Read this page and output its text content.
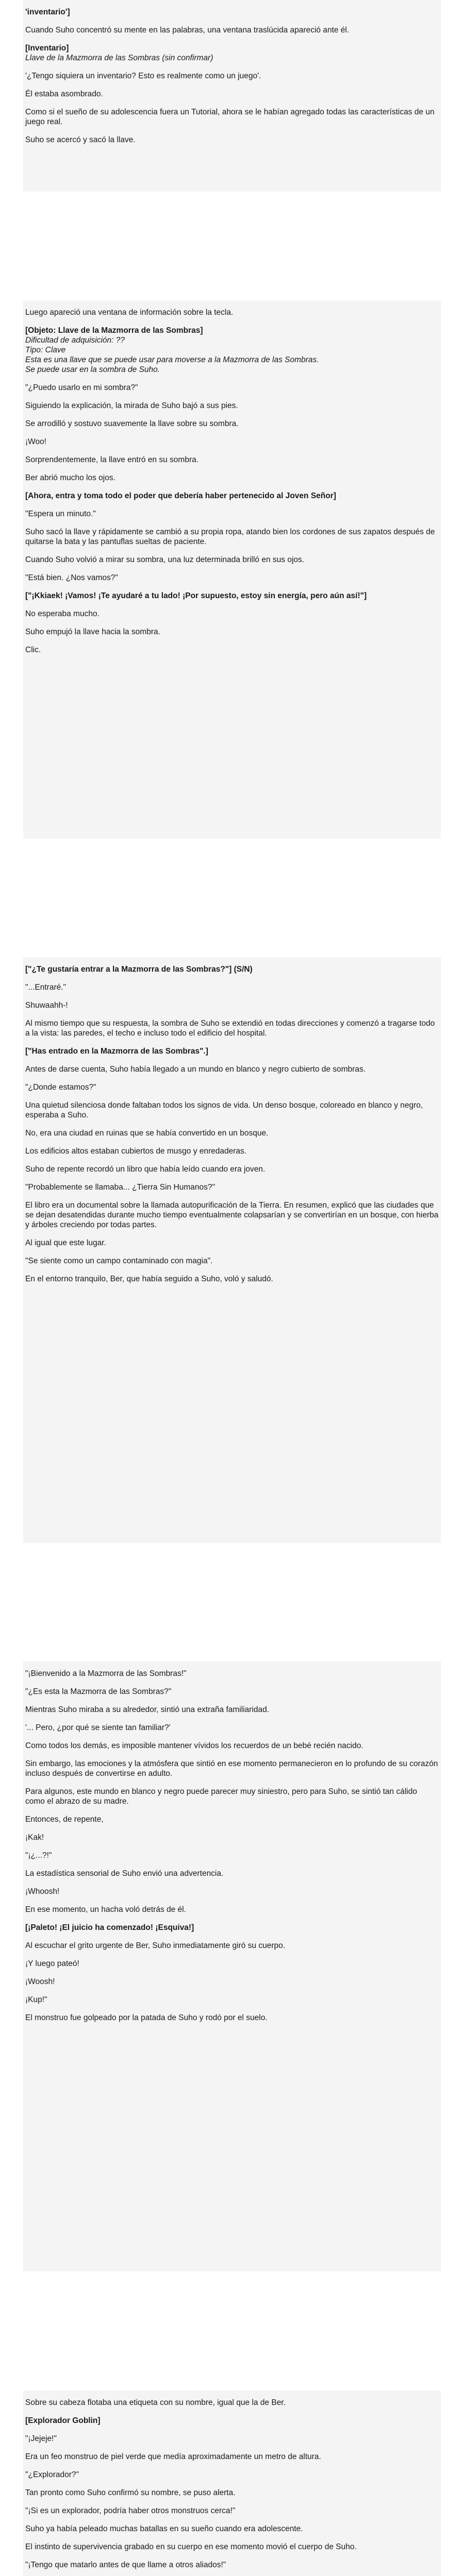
'inventario']

Cuando Suho concentró su mente en las palabras, una ventana traslúcida apareció ante él.

[Inventario]

Llave de la Mazmorra de las Sombras (sin confirmar)

'¿Tengo siquiera un inventario? Esto es realmente como un juego'.

Él estaba asombrado.

Como si el sueño de su adolescencia fuera un Tutorial, ahora se le habían agregado todas las características de un juego real.

Suho se acercó y sacó la llave.

Luego apareció una ventana de información sobre la tecla.

[Objeto: Llave de la Mazmorra de las Sombras]

Dificultad de adquisición: ??

Tipo: Clave

Esta es una llave que se puede usar para moverse a la Mazmorra de las Sombras.

Se puede usar en la sombra de Suho.

"¿Puedo usarlo en mi sombra?"

Siguiendo la explicación, la mirada de Suho bajó a sus pies.

Se arrodilló y sostuvo suavemente la llave sobre su sombra.

¡Woo!

Sorprendentemente, la llave entró en su sombra.

Ber abrió mucho los ojos.

[Ahora, entra y toma todo el poder que debería haber pertenecido al Joven Señor]

"Espera un minuto."

Suho sacó la llave y rápidamente se cambió a su propia ropa, atando bien los cordones de sus zapatos después de quitarse la bata y las pantuflas sueltas de paciente.

Cuando Suho volvió a mirar su sombra, una luz determinada brilló en sus ojos.

"Está bien. ¿Nos vamos?"

["¡Kkiaek! ¡Vamos! ¡Te ayudaré a tu lado! ¡Por supuesto, estoy sin energía, pero aún así!"]

No esperaba mucho.

Suho empujó la llave hacia la sombra.

Clic.

["¿Te gustaría entrar a la Mazmorra de las Sombras?"] (S/N)

"...Entraré."

Shuwaahh-!

Al mismo tiempo que su respuesta, la sombra de Suho se extendió en todas direcciones y comenzó a tragarse todo a la vista: las paredes, el techo e incluso todo el edificio del hospital.

["Has entrado en la Mazmorra de las Sombras".]

Antes de darse cuenta, Suho había llegado a un mundo en blanco y negro cubierto de sombras.

"¿Donde estamos?"

Una quietud silenciosa donde faltaban todos los signos de vida. Un denso bosque, coloreado en blanco y negro, esperaba a Suho.

No, era una ciudad en ruinas que se había convertido en un bosque.

Los edificios altos estaban cubiertos de musgo y enredaderas.

Suho de repente recordó un libro que había leído cuando era joven.

"Probablemente se llamaba... ¿Tierra Sin Humanos?"

El libro era un documental sobre la llamada autopurificación de la Tierra. En resumen, explicó que las ciudades que se dejan desatendidas durante mucho tiempo eventualmente colapsarían y se convertirían en un bosque, con hierba y árboles creciendo por todas partes.

Al igual que este lugar.

"Se siente como un campo contaminado con magia".

En el entorno tranquilo, Ber, que había seguido a Suho, voló y saludó.

"¡Bienvenido a la Mazmorra de las Sombras!"

"¿Es esta la Mazmorra de las Sombras?"

Mientras Suho miraba a su alrededor, sintió una extraña familiaridad.

'... Pero, ¿por qué se siente tan familiar?'

Como todos los demás, es imposible mantener vívidos los recuerdos de un bebé recién nacido.

Sin embargo, las emociones y la atmósfera que sintió en ese momento permanecieron en lo profundo de su corazón incluso después de convertirse en adulto.

Para algunos, este mundo en blanco y negro puede parecer muy siniestro, pero para Suho, se sintió tan cálido como el abrazo de su madre.

Entonces, de repente,

¡Kak!

"¡¿...?!"

La estadística sensorial de Suho envió una advertencia.

¡Whoosh!

En ese momento, un hacha voló detrás de él.

[¡Paleto! ¡El juicio ha comenzado! ¡Esquiva!]

Al escuchar el grito urgente de Ber, Suho inmediatamente giró su cuerpo.

¡Y luego pateó!

¡Woosh!

¡Kup!"

El monstruo fue golpeado por la patada de Suho y rodó por el suelo.

Sobre su cabeza flotaba una etiqueta con su nombre, igual que la de Ber.

[Explorador Goblin]

"¡Jejeje!"

Era un feo monstruo de piel verde que medía aproximadamente un metro de altura.

"¿Explorador?"

Tan pronto como Suho confirmó su nombre, se puso alerta.

"¡Si es un explorador, podría haber otros monstruos cerca!"

Suho ya había peleado muchas batallas en su sueño cuando era adolescente.

El instinto de supervivencia grabado en su cuerpo en ese momento movió el cuerpo de Suho.

"¡Tengo que matarlo antes de que llame a otros aliados!"
